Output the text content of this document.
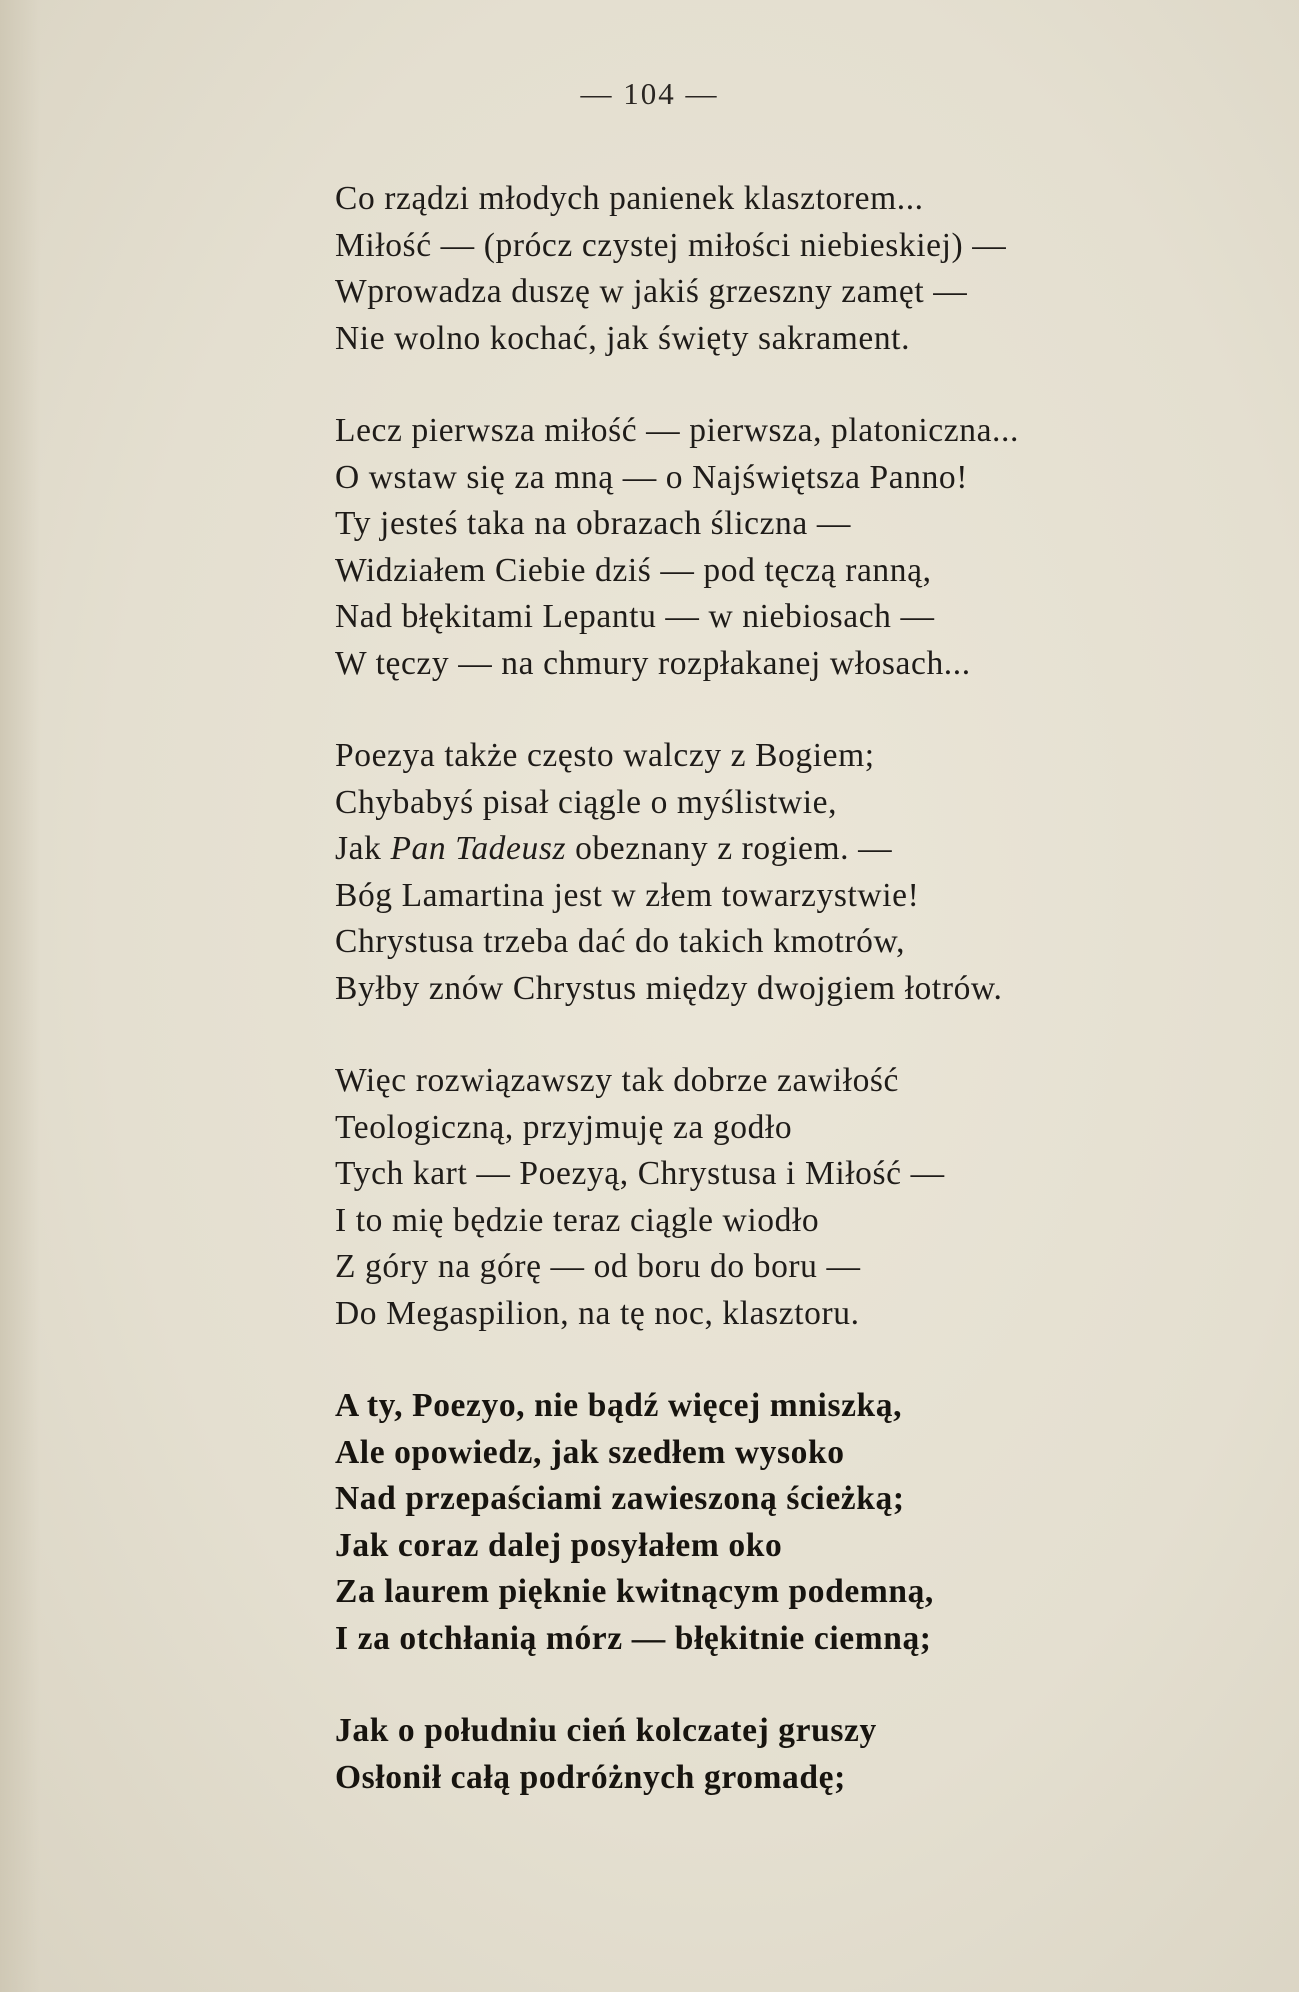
— 104 —
Co rządzi młodych panienek klasztorem...
Miłość — (prócz czystej miłości niebieskiej) —
Wprowadza duszę w jakiś grzeszny zamęt —
Nie wolno kochać, jak święty sakrament.
Lecz pierwsza miłość — pierwsza, platoniczna...
O wstaw się za mną — o Najświętsza Panno!
Ty jesteś taka na obrazach śliczna —
Widziałem Ciebie dziś — pod tęczą ranną,
Nad błękitami Lepantu — w niebiosach —
W tęczy — na chmury rozpłakanej włosach...
Poezya także często walczy z Bogiem;
Chybabyś pisał ciągle o myślistwie,
Jak Pan Tadeusz obeznany z rogiem. —
Bóg Lamartina jest w złem towarzystwie!
Chrystusa trzeba dać do takich kmotrów,
Byłby znów Chrystus między dwojgiem łotrów.
Więc rozwiązawszy tak dobrze zawiłość
Teologiczną, przyjmuję za godło
Tych kart — Poezyą, Chrystusa i Miłość —
I to mię będzie teraz ciągle wiodło
Z góry na górę — od boru do boru —
Do Megaspilion, na tę noc, klasztoru.
A ty, Poezyo, nie bądź więcej mniszką,
Ale opowiedz, jak szedłem wysoko
Nad przepaściami zawieszoną ścieżką;
Jak coraz dalej posyłałem oko
Za laurem pięknie kwitnącym podemną,
I za otchłanią mórz — błękitnie ciemną;
Jak o południu cień kolczatej gruszy
Osłonił całą podróżnych gromadę;
